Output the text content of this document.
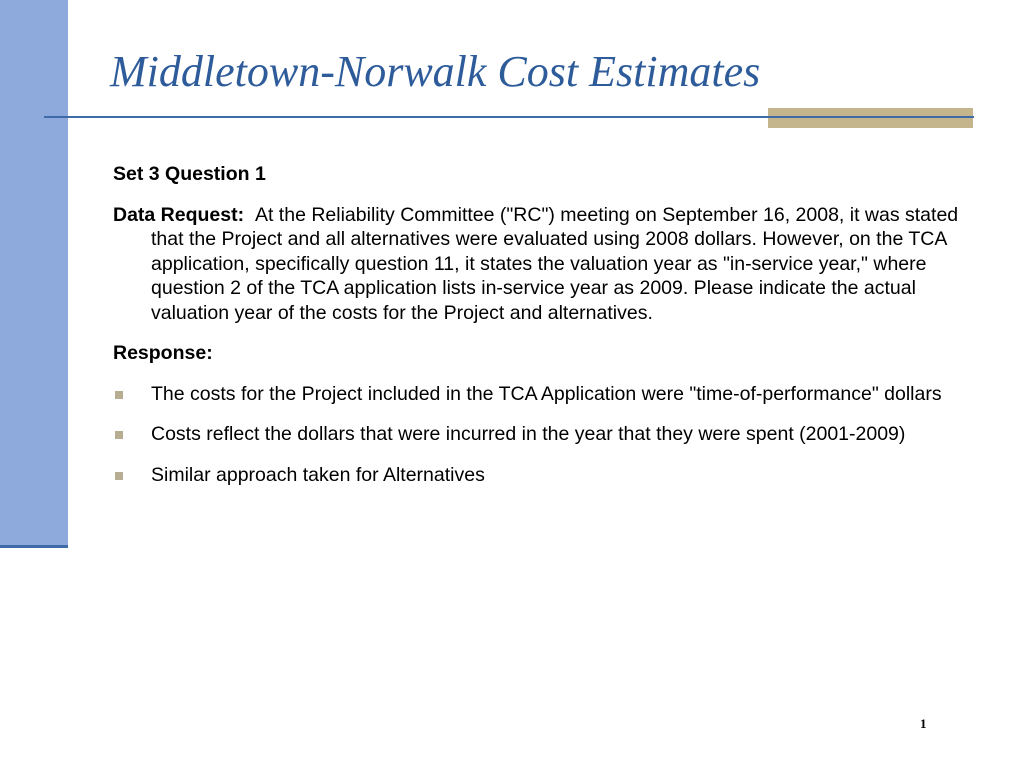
Middletown-Norwalk Cost Estimates

Set 3 Question 1

Data Request: At the Reliability Committee ("RC") meeting on September 16, 2008, it was stated that the Project and all alternatives were evaluated using 2008 dollars. However, on the TCA application, specifically question 11, it states the valuation year as "in-service year," where question 2 of the TCA application lists in-service year as 2009. Please indicate the actual valuation year of the costs for the Project and alternatives.

Response:

The costs for the Project included in the TCA Application were "time-of-performance" dollars
Costs reflect the dollars that were incurred in the year that they were spent (2001-2009)
Similar approach taken for Alternatives
1
